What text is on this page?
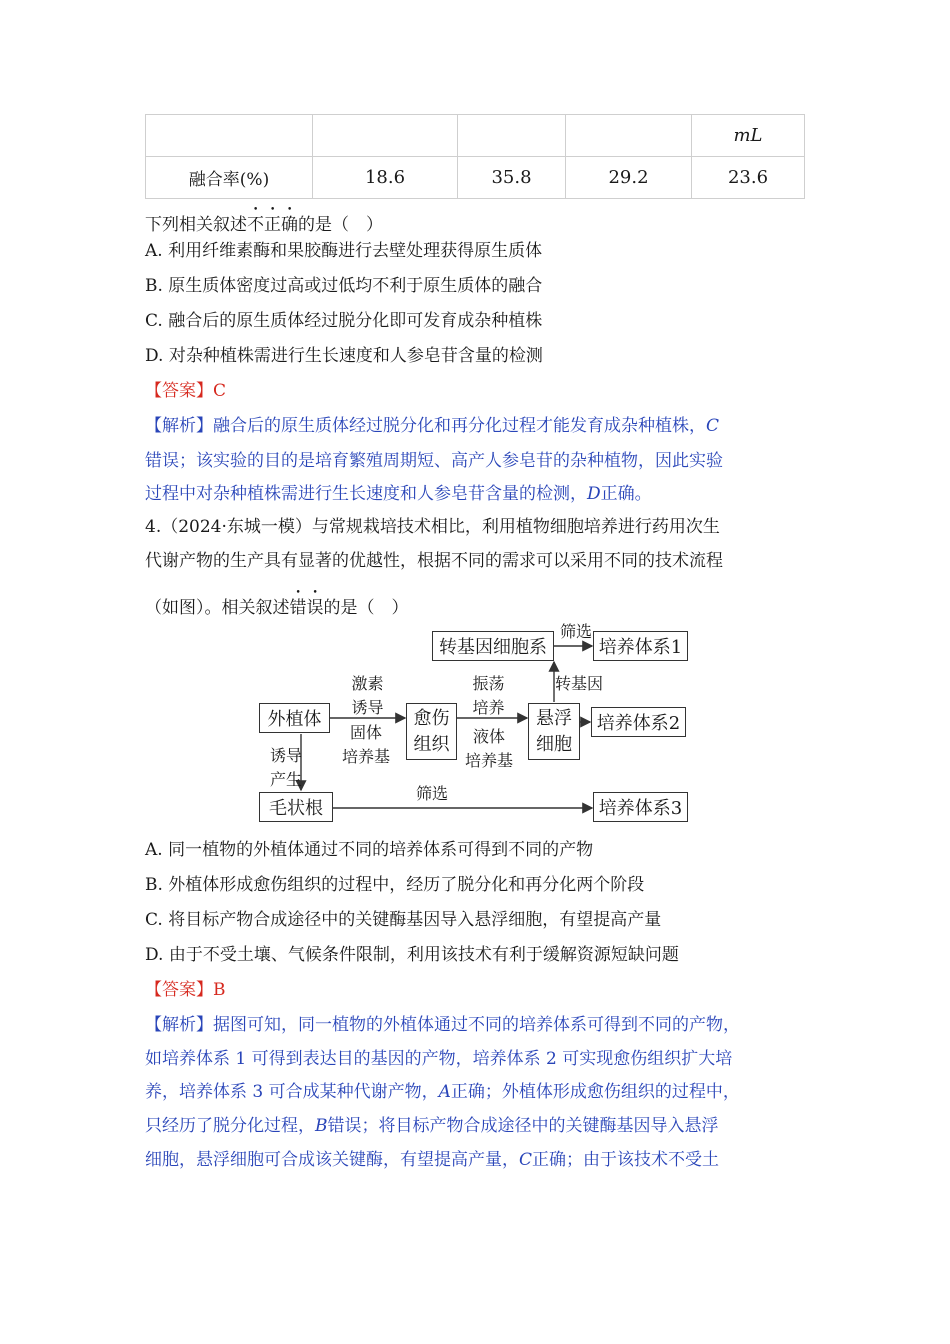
				mL
融合率(%)	18.6	35.8	29.2	23.6
下列相关叙述不正确的是（　）
A. 利用纤维素酶和果胶酶进行去壁处理获得原生质体
B. 原生质体密度过高或过低均不利于原生质体的融合
C. 融合后的原生质体经过脱分化即可发育成杂种植株
D. 对杂种植株需进行生长速度和人参皂苷含量的检测
【答案】C
【解析】融合后的原生质体经过脱分化和再分化过程才能发育成杂种植株，C
错误；该实验的目的是培育繁殖周期短、高产人参皂苷的杂种植物，因此实验
过程中对杂种植株需进行生长速度和人参皂苷含量的检测，D正确。
4.（2024·东城一模）与常规栽培技术相比，利用植物细胞培养进行药用次生
代谢产物的生产具有显著的优越性，根据不同的需求可以采用不同的技术流程
（如图）。相关叙述错误的是（　）
转基因细胞系	培养体系1
外植体	愈伤
组织
悬浮
细胞
培养体系2
毛状根	培养体系3
激素
诱导
固体
培养基
振荡
培养
液体
培养基
转基因
筛选
诱导
产生
筛选
A. 同一植物的外植体通过不同的培养体系可得到不同的产物
B. 外植体形成愈伤组织的过程中，经历了脱分化和再分化两个阶段
C. 将目标产物合成途径中的关键酶基因导入悬浮细胞，有望提高产量
D. 由于不受土壤、气候条件限制，利用该技术有利于缓解资源短缺问题
【答案】B
【解析】据图可知，同一植物的外植体通过不同的培养体系可得到不同的产物，
如培养体系 1 可得到表达目的基因的产物，培养体系 2 可实现愈伤组织扩大培
养，培养体系 3 可合成某种代谢产物，A正确；外植体形成愈伤组织的过程中，
只经历了脱分化过程，B错误；将目标产物合成途径中的关键酶基因导入悬浮
细胞，悬浮细胞可合成该关键酶，有望提高产量，C正确；由于该技术不受土
